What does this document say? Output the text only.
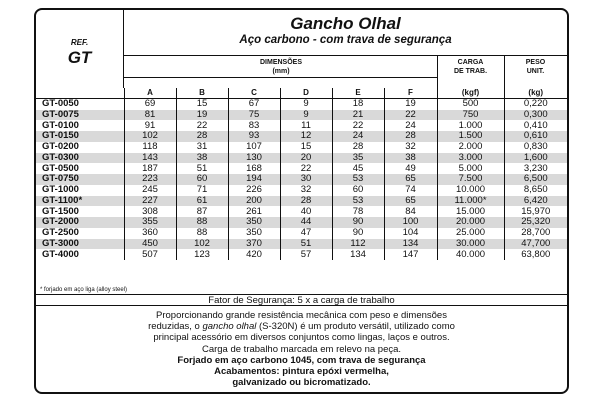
REF.
GT
Gancho Olhal
Aço carbono - com trava de segurança
DIMENSÕES
(mm)
CARGA
DE TRAB.
PESO
UNIT.
	A	B	C	D	E	F	(kgf)	(kg)
GT-0050	69	15	67	9	18	19	500	0,220
GT-0075	81	19	75	9	21	22	750	0,300
GT-0100	91	22	83	11	22	24	1.000	0,410
GT-0150	102	28	93	12	24	28	1.500	0,610
GT-0200	118	31	107	15	28	32	2.000	0,830
GT-0300	143	38	130	20	35	38	3.000	1,600
GT-0500	187	51	168	22	45	49	5.000	3,230
GT-0750	223	60	194	30	53	65	7.500	6,500
GT-1000	245	71	226	32	60	74	10.000	8,650
GT-1100*	227	61	200	28	53	65	11.000*	6,420
GT-1500	308	87	261	40	78	84	15.000	15,970
GT-2000	355	88	350	44	90	100	20.000	25,320
GT-2500	360	88	350	47	90	104	25.000	28,700
GT-3000	450	102	370	51	112	134	30.000	47,700
GT-4000	507	123	420	57	134	147	40.000	63,800
* forjado em aço liga (alloy steel)
Fator de Segurança: 5 x a carga de trabalho
Proporcionando grande resistência mecânica com peso e dimensões
reduzidas, o gancho olhal (S-320N) é um produto versátil, utilizado como
principal acessório em diversos conjuntos como lingas, laços e outros.
Carga de trabalho marcada em relevo na peça.
Forjado em aço carbono 1045, com trava de segurança
Acabamentos: pintura epóxi vermelha,
galvanizado ou bicromatizado.
